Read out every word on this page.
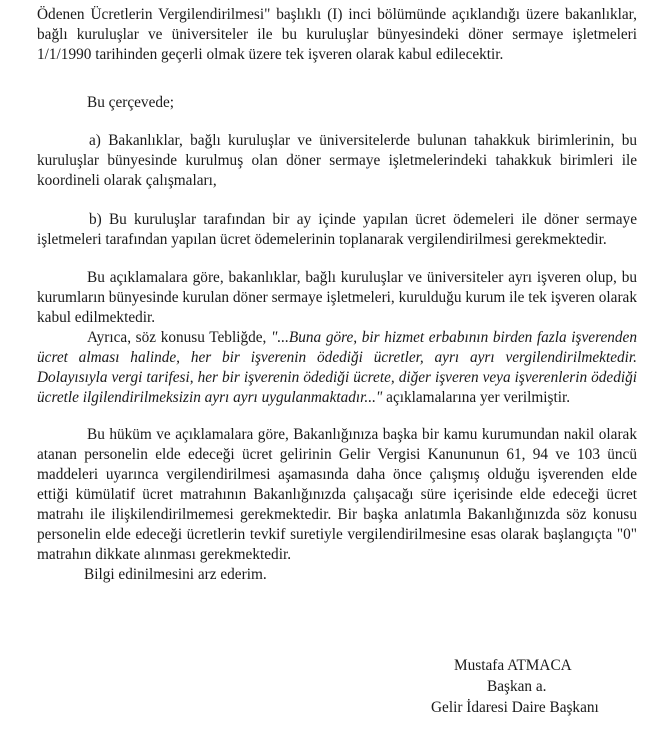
Ödenen Ücretlerin Vergilendirilmesi" başlıklı (I) inci bölümünde açıklandığı üzere bakanlıklar, bağlı kuruluşlar ve üniversiteler ile bu kuruluşlar bünyesindeki döner sermaye işletmeleri 1/1/1990 tarihinden geçerli olmak üzere tek işveren olarak kabul edilecektir.

Bu çerçevede;

a) Bakanlıklar, bağlı kuruluşlar ve üniversitelerde bulunan tahakkuk birimlerinin, bu kuruluşlar bünyesinde kurulmuş olan döner sermaye işletmelerindeki tahakkuk birimleri ile koordineli olarak çalışmaları,

b) Bu kuruluşlar tarafından bir ay içinde yapılan ücret ödemeleri ile döner sermaye işletmeleri tarafından yapılan ücret ödemelerinin toplanarak vergilendirilmesi gerekmektedir.

Bu açıklamalara göre, bakanlıklar, bağlı kuruluşlar ve üniversiteler ayrı işveren olup, bu kurumların bünyesinde kurulan döner sermaye işletmeleri, kurulduğu kurum ile tek işveren olarak kabul edilmektedir.

Ayrıca, söz konusu Tebliğde, "...Buna göre, bir hizmet erbabının birden fazla işverenden ücret alması halinde, her bir işverenin ödediği ücretler, ayrı ayrı vergilendirilmektedir. Dolayısıyla vergi tarifesi, her bir işverenin ödediği ücrete, diğer işveren veya işverenlerin ödediği ücretle ilgilendirilmeksizin ayrı ayrı uygulanmaktadır..." açıklamalarına yer verilmiştir.

Bu hüküm ve açıklamalara göre, Bakanlığınıza başka bir kamu kurumundan nakil olarak atanan personelin elde edeceği ücret gelirinin Gelir Vergisi Kanununun 61, 94 ve 103 üncü maddeleri uyarınca vergilendirilmesi aşamasında daha önce çalışmış olduğu işverenden elde ettiği kümülatif ücret matrahının Bakanlığınızda çalışacağı süre içerisinde elde edeceği ücret matrahı ile ilişkilendirilmemesi gerekmektedir. Bir başka anlatımla Bakanlığınızda söz konusu personelin elde edeceği ücretlerin tevkif suretiyle vergilendirilmesine esas olarak başlangıçta "0" matrahın dikkate alınması gerekmektedir.

Bilgi edinilmesini arz ederim.

Mustafa ATMACA

Başkan a.

Gelir İdaresi Daire Başkanı
